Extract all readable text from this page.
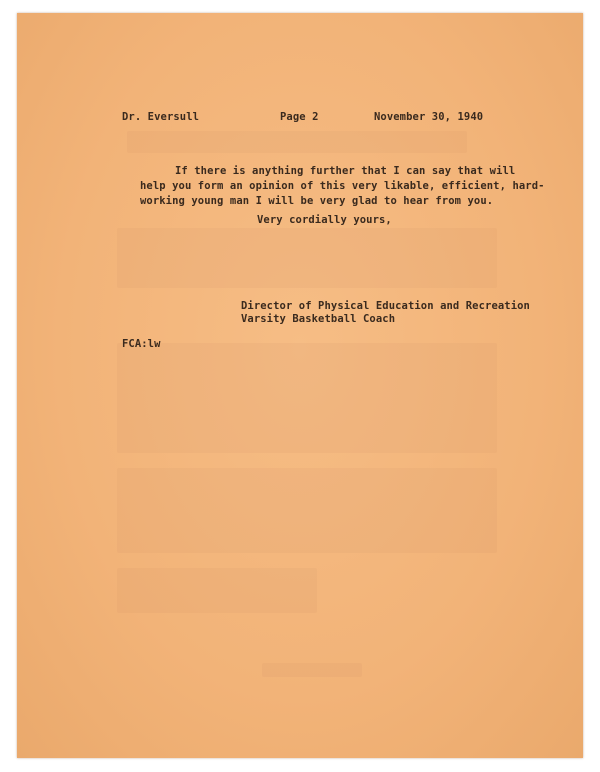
Dr. Eversull	Page 2	November 30, 1940
If there is anything further that I can say that will
help you form an opinion of this very likable, efficient, hard-
working young man I will be very glad to hear from you.
Very cordially yours,
Director of Physical Education and Recreation
Varsity Basketball Coach
FCA:lw
